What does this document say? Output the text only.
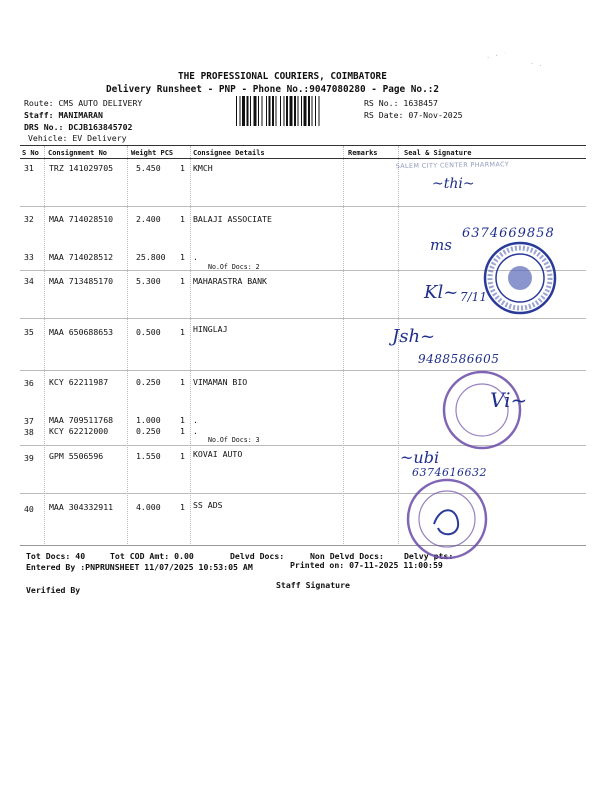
THE PROFESSIONAL COURIERS, COIMBATORE
Delivery Runsheet - PNP - Phone No.:9047080280 - Page No.:2
Route: CMS AUTO DELIVERY
Staff: MANIMARAN
DRS No.: DCJB163845702
Vehicle: EV Delivery
RS No.: 1638457
RS Date: 07-Nov-2025
S No Consignment No	Weight PCS	Consignee Details	Remarks	Seal & Signature
31 TRZ 141029705	5.450 1 KMCH
32 MAA 714028510	2.400 1 BALAJI ASSOCIATE
33 MAA 714028512	25.800 1 .
No.Of Docs: 2
34 MAA 713485170	5.300 1 MAHARASTRA BANK
35 MAA 650688653	0.500 1 HINGLAJ
36 KCY 62211987	0.250 1 VIMAMAN BIO
37 MAA 709511768	1.000 1 .
38 KCY 62212000	0.250 1 .
No.Of Docs: 3
39 GPM 5506596	1.550 1 KOVAI AUTO
40 MAA 304332911	4.000 1 SS ADS
Tot Docs: 40	Tot COD Amt: 0.00	Delvd Docs:	Non Delvd Docs: Delvy pts:
Entered By :PNPRUNSHEET 11/07/2025 10:53:05 AM	Printed on: 07-11-2025 11:00:59
Verified By	Staff Signature
. · ˙
· .
SALEM CITY CENTER PHARMACY
~thi~
ms
6374669858
Kl~ 7/11
Jsh~
9488586605
Vi~
~ubi
6374616632
